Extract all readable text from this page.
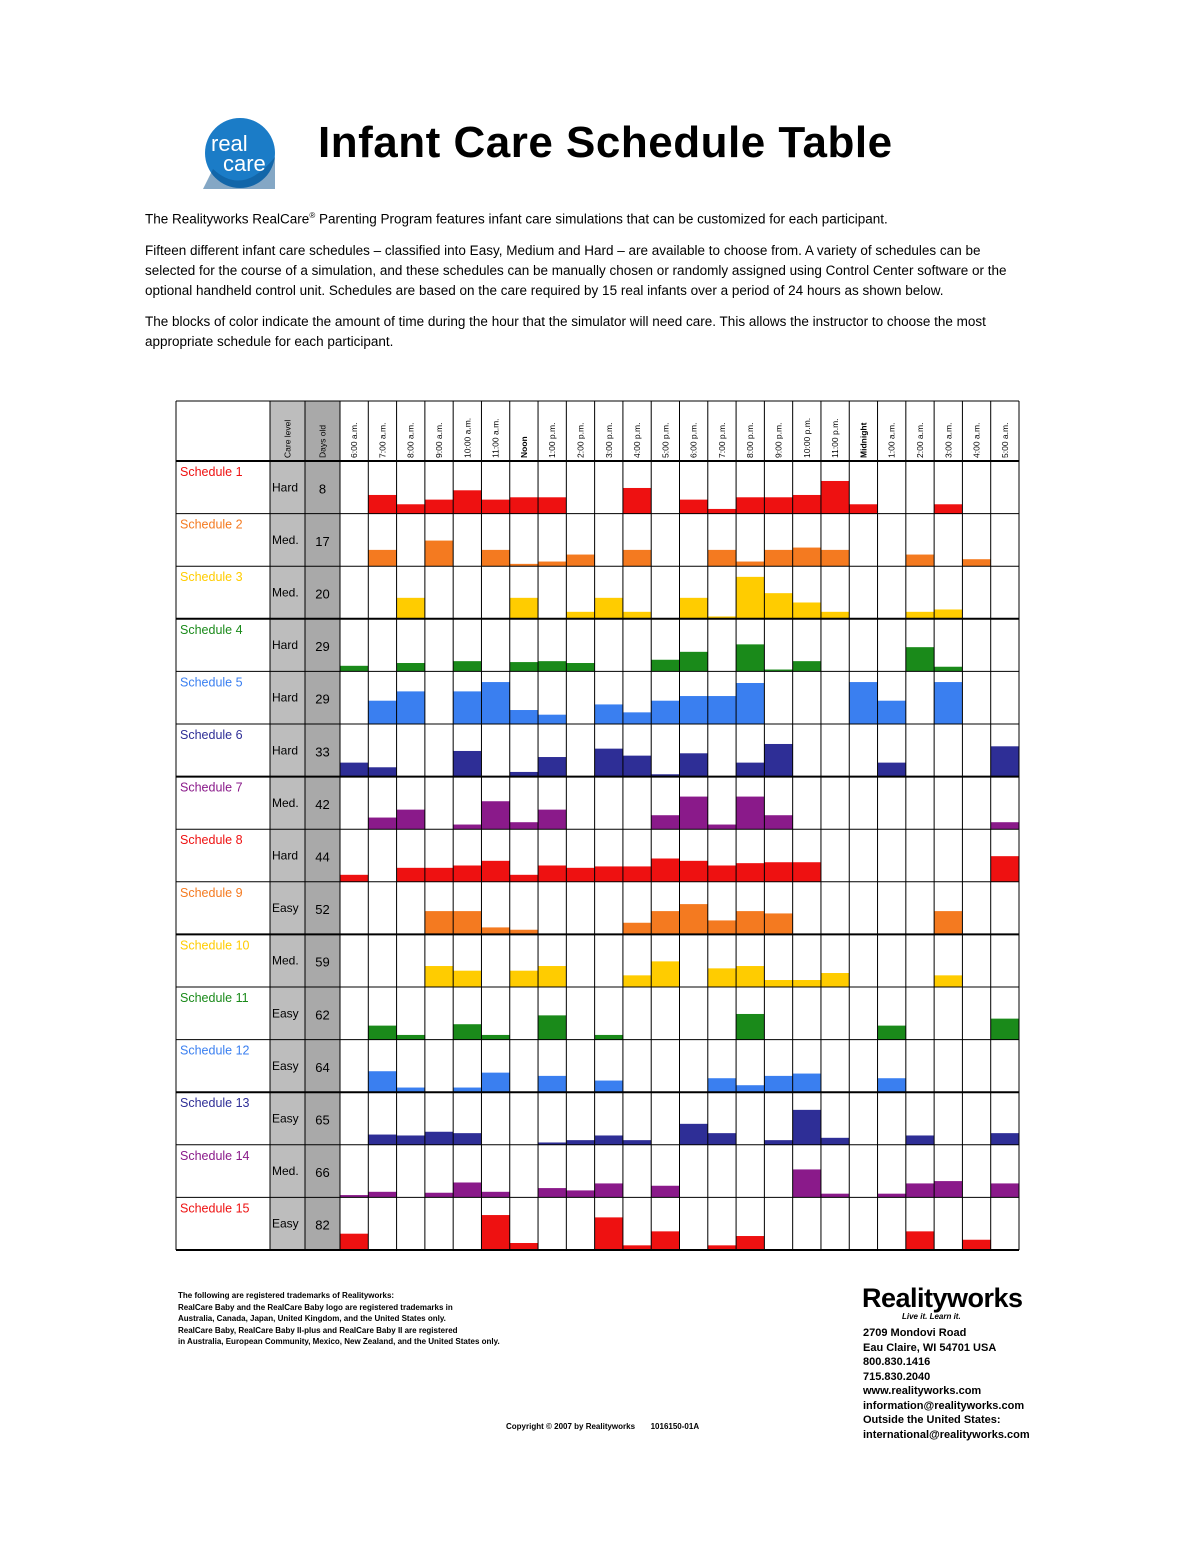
real
care Infant Care Schedule Table

The Realityworks RealCare® Parenting Program features infant care simulations that can be customized for each participant.

Fifteen different infant care schedules – classified into Easy, Medium and Hard – are available to choose from. A variety of schedules can be selected for the course of a simulation, and these schedules can be manually chosen or randomly assigned using Control Center software or the optional handheld control unit. Schedules are based on the care required by 15 real infants over a period of 24 hours as shown below.

The blocks of color indicate the amount of time during the hour that the simulator will need care. This allows the instructor to choose the most appropriate schedule for each participant.

Care level	Days old	6:00 a.m. 7:00 a.m. 8:00 a.m. 9:00 a.m. 10:00 a.m. 11:00 a.m. Noon 1:00 p.m. 2:00 p.m. 3:00 p.m. 4:00 p.m. 5:00 p.m. 6:00 p.m. 7:00 p.m. 8:00 p.m. 9:00 p.m. 10:00 p.m. 11:00 p.m. Midnight 1:00 a.m. 2:00 a.m. 3:00 a.m. 4:00 a.m. 5:00 a.m.
Schedule 1
Hard 8
Schedule 2
Med. 17
Schedule 3
Med. 20
Schedule 4
Hard 29
Schedule 5
Hard 29
Schedule 6
Hard 33
Schedule 7
Med. 42
Schedule 8
Hard 44
Schedule 9
Easy 52
Schedule 10
Med. 59
Schedule 11
Easy 62
Schedule 12
Easy 64
Schedule 13
Easy 65
Schedule 14
Med. 66
Schedule 15
Easy 82
The following are registered trademarks of Realityworks:
RealCare Baby and the RealCare Baby logo are registered trademarks in
Australia, Canada, Japan, United Kingdom, and the United States only.
RealCare Baby, RealCare Baby II-plus and RealCare Baby II are registered
in Australia, European Community, Mexico, New Zealand, and the United States only.
Copyright © 2007 by Realityworks       1016150-01A
Realityworks
Live it. Learn it.
2709 Mondovi Road
Eau Claire, WI 54701 USA
800.830.1416
715.830.2040
www.realityworks.com
information@realityworks.com
Outside the United States:
international@realityworks.com
